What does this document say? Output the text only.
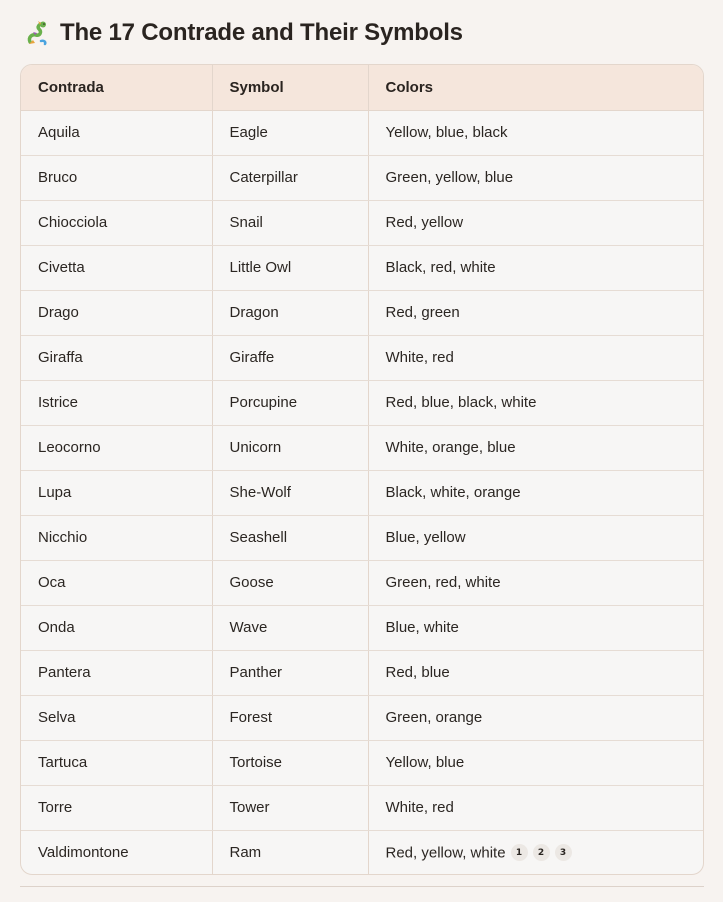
The 17 Contrade and Their Symbols
Contrada	Symbol	Colors
Aquila	Eagle	Yellow, blue, black
Bruco	Caterpillar	Green, yellow, blue
Chiocciola	Snail	Red, yellow
Civetta	Little Owl	Black, red, white
Drago	Dragon	Red, green
Giraffa	Giraffe	White, red
Istrice	Porcupine	Red, blue, black, white
Leocorno	Unicorn	White, orange, blue
Lupa	She-Wolf	Black, white, orange
Nicchio	Seashell	Blue, yellow
Oca	Goose	Green, red, white
Onda	Wave	Blue, white
Pantera	Panther	Red, blue
Selva	Forest	Green, orange
Tartuca	Tortoise	Yellow, blue
Torre	Tower	White, red
Valdimontone	Ram	Red, yellow, white 1 2 3
